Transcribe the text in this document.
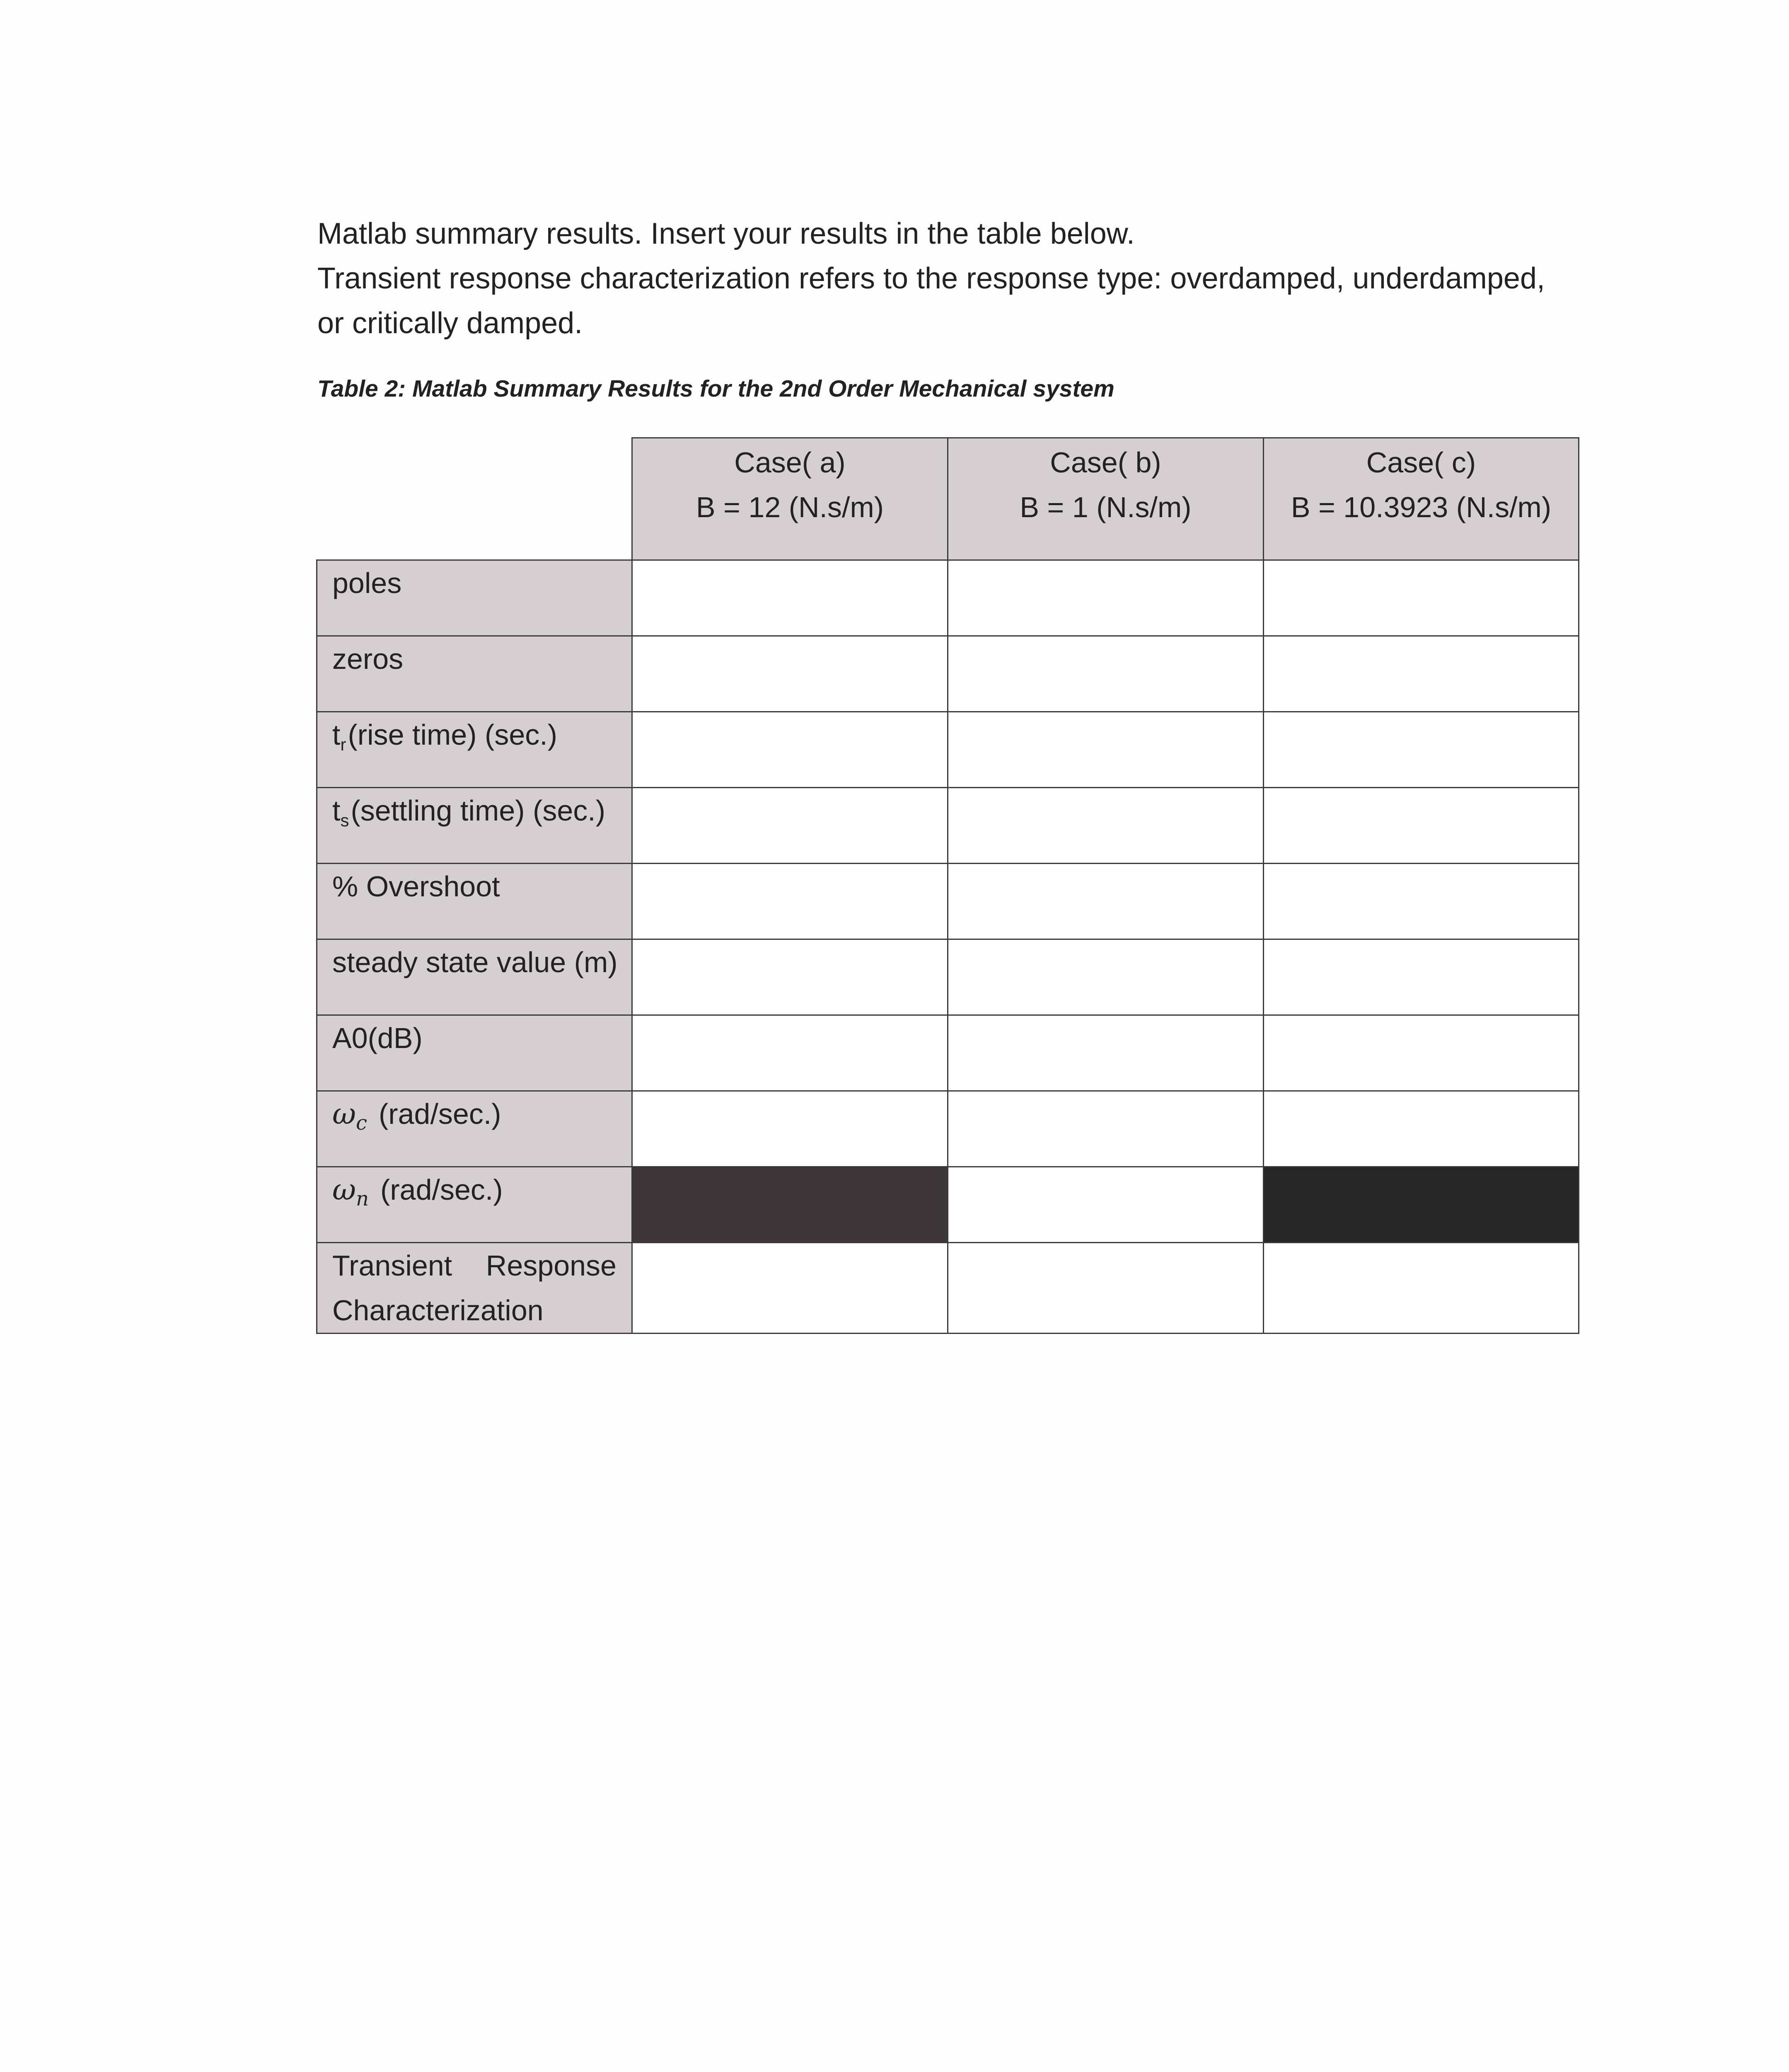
Matlab summary results. Insert your results in the table below.

Transient response characterization refers to the response type: overdamped, underdamped,

or critically damped.

Table 2: Matlab Summary Results for the 2nd Order Mechanical system
Case( a)
B = 12 (N.s/m)
Case( b)
B = 1 (N.s/m)
Case( c)
B = 10.3923 (N.s/m)
poles
zeros
$t_r(rise$ time) (sec.)
$t_s(settling$ time) (sec.)
% Overshoot
steady state value (m)
A0(dB)
$\omega_c$ (rad/sec.)
$\omega_n$ (rad/sec.)
Transient Response
Characterization
